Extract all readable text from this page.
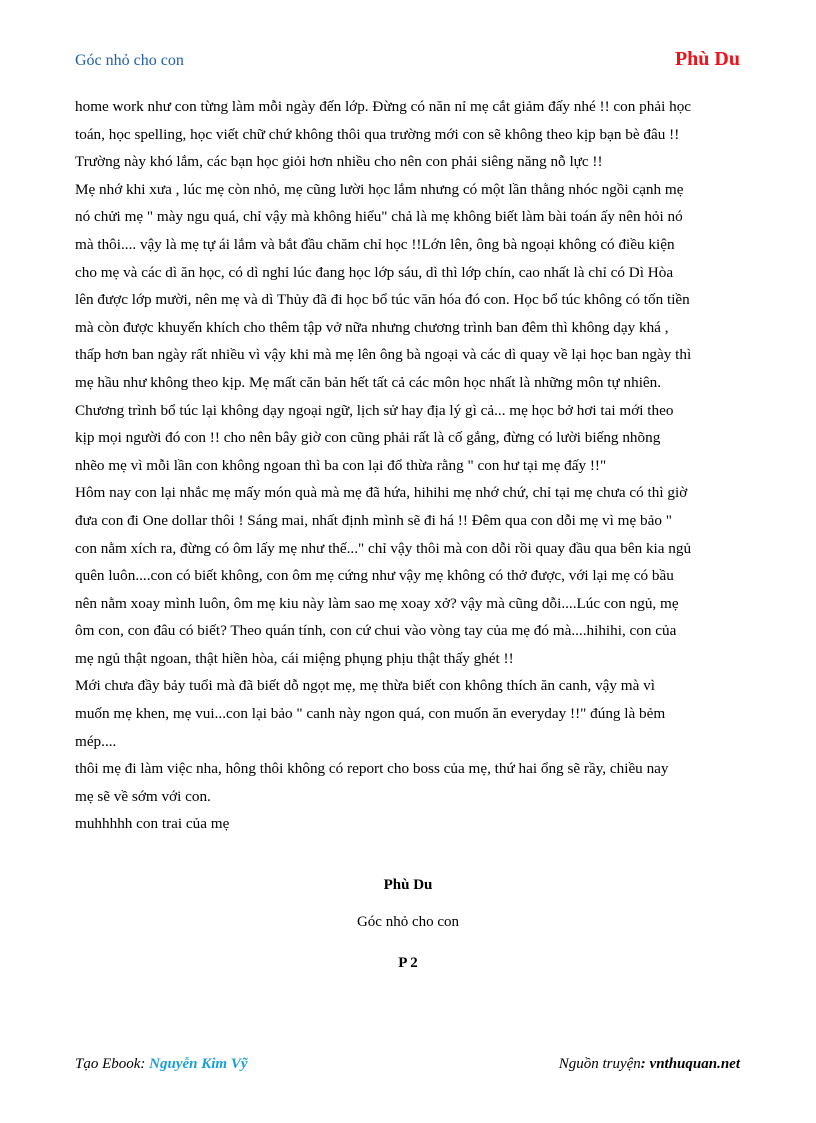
Góc nhỏ cho con	Phù Du
home work như con từng làm mỗi ngày đến lớp. Đừng có năn nỉ mẹ cắt giảm đấy nhé !! con phải học
toán, học spelling, học viết chữ chứ không thôi qua trường mới con sẽ không theo kịp bạn bè đâu !!
Trường này khó lắm, các bạn học giỏi hơn nhiều cho nên con phải siêng năng nỗ lực !!
Mẹ nhớ khi xưa , lúc mẹ còn nhỏ, mẹ cũng lười học lắm nhưng có một lần thằng nhóc ngồi cạnh mẹ
nó chửi mẹ " mày ngu quá, chỉ vậy mà không hiểu" chả là mẹ không biết làm bài toán ấy nên hỏi nó
mà thôi.... vậy là mẹ tự ái lắm và bắt đầu chăm chỉ học !!Lớn lên, ông bà ngoại không có điều kiện
cho mẹ và các dì ăn học, có dì nghỉ lúc đang học lớp sáu, dì thì lớp chín, cao nhất là chỉ có Dì Hòa
lên được lớp mười, nên mẹ và dì Thủy đã đi học bổ túc văn hóa đó con. Học bổ túc không có tốn tiền
mà còn được khuyến khích cho thêm tập vở nữa nhưng chương trình ban đêm thì không dạy khá ,
thấp hơn ban ngày rất nhiều vì vậy khi mà mẹ lên ông bà ngoại và các dì quay về lại học ban ngày thì
mẹ hầu như không theo kịp. Mẹ mất căn bản hết tất cả các môn học nhất là những môn tự nhiên.
Chương trình bổ túc lại không dạy ngoại ngữ, lịch sử hay địa lý gì cả... mẹ học bở hơi tai mới theo
kịp mọi người đó con !! cho nên bây giờ con cũng phải rất là cố gắng, đừng có lười biếng nhõng
nhẽo mẹ vì mỗi lần con không ngoan thì ba con lại đổ thừa rằng " con hư tại mẹ đấy !!"
Hôm nay con lại nhắc mẹ mấy món quà mà mẹ đã hứa, hihihi mẹ nhớ chứ, chỉ tại mẹ chưa có thì giờ
đưa con đi One dollar thôi ! Sáng mai, nhất định mình sẽ đi há !! Đêm qua con dỗi mẹ vì mẹ bảo "
con nằm xích ra, đừng có ôm lấy mẹ như thế..." chỉ vậy thôi mà con dỗi rồi quay đầu qua bên kia ngủ
quên luôn....con có biết không, con ôm mẹ cứng như vậy mẹ không có thở được, với lại mẹ có bầu
nên nằm xoay mình luôn, ôm mẹ kiu này làm sao mẹ xoay xở? vậy mà cũng dỗi....Lúc con ngủ, mẹ
ôm con, con đâu có biết? Theo quán tính, con cứ chui vào vòng tay của mẹ đó mà....hihihi, con của
mẹ ngủ thật ngoan, thật hiền hòa, cái miệng phụng phịu thật thấy ghét !!
Mới chưa đầy bảy tuổi mà đã biết dỗ ngọt mẹ, mẹ thừa biết con không thích ăn canh, vậy mà vì
muốn mẹ khen, mẹ vui...con lại bảo " canh này ngon quá, con muốn ăn everyday !!" đúng là bẻm
mép....
thôi mẹ đi làm việc nha, hông thôi không có report cho boss của mẹ, thứ hai ổng sẽ rầy, chiều nay
mẹ sẽ về sớm với con.
muhhhhh con trai của mẹ
Phù Du
Góc nhỏ cho con
P 2
Tạo Ebook: Nguyễn Kim Vỹ	Nguồn truyện: vnthuquan.net
